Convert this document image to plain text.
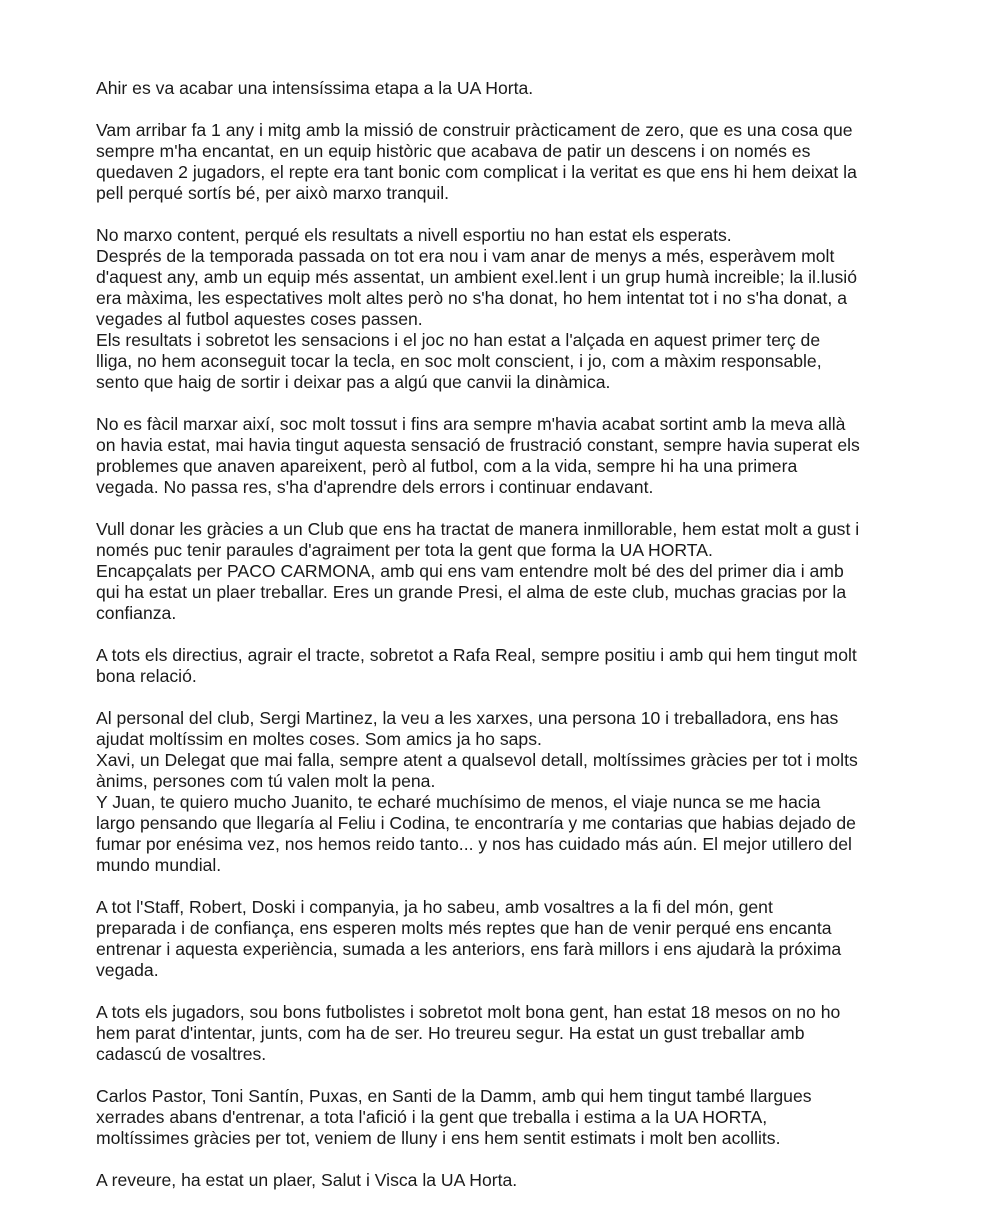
Ahir es va acabar una intensíssima etapa a la UA Horta.

Vam arribar fa 1 any i mitg amb la missió de construir pràcticament de zero, que es una cosa que
sempre m'ha encantat, en un equip històric que acabava de patir un descens i on només es
quedaven 2 jugadors, el repte era tant bonic com complicat i la veritat es que ens hi hem deixat la
pell perqué sortís bé, per això marxo tranquil.

No marxo content, perqué els resultats a nivell esportiu no han estat els esperats.
Després de la temporada passada on tot era nou i vam anar de menys a més, esperàvem molt
d'aquest any, amb un equip més assentat, un ambient exel.lent i un grup humà increible; la il.lusió
era màxima, les espectatives molt altes però no s'ha donat, ho hem intentat tot i no s'ha donat, a
vegades al futbol aquestes coses passen.
Els resultats i sobretot les sensacions i el joc no han estat a l'alçada en aquest primer terç de
lliga, no hem aconseguit tocar la tecla, en soc molt conscient, i jo, com a màxim responsable,
sento que haig de sortir i deixar pas a algú que canvii la dinàmica.

No es fàcil marxar així, soc molt tossut i fins ara sempre m'havia acabat sortint amb la meva allà
on havia estat, mai havia tingut aquesta sensació de frustració constant, sempre havia superat els
problemes que anaven apareixent, però al futbol, com a la vida, sempre hi ha una primera
vegada. No passa res, s'ha d'aprendre dels errors i continuar endavant.

Vull donar les gràcies a un Club que ens ha tractat de manera inmillorable, hem estat molt a gust i
només puc tenir paraules d'agraiment per tota la gent que forma la UA HORTA.
Encapçalats per PACO CARMONA, amb qui ens vam entendre molt bé des del primer dia i amb
qui ha estat un plaer treballar. Eres un grande Presi, el alma de este club, muchas gracias por la
confianza.

A tots els directius, agrair el tracte, sobretot a Rafa Real, sempre positiu i amb qui hem tingut molt
bona relació.

Al personal del club, Sergi Martinez, la veu a les xarxes, una persona 10 i treballadora, ens has
ajudat moltíssim en moltes coses. Som amics ja ho saps.
Xavi, un Delegat que mai falla, sempre atent a qualsevol detall, moltíssimes gràcies per tot i molts
ànims, persones com tú valen molt la pena.
Y Juan, te quiero mucho Juanito, te echaré muchísimo de menos, el viaje nunca se me hacia
largo pensando que llegaría al Feliu i Codina, te encontraría y me contarias que habias dejado de
fumar por enésima vez, nos hemos reido tanto... y nos has cuidado más aún. El mejor utillero del
mundo mundial.

A tot l'Staff, Robert, Doski i companyia, ja ho sabeu, amb vosaltres a la fi del món, gent
preparada i de confiança, ens esperen molts més reptes que han de venir perqué ens encanta
entrenar i aquesta experiència, sumada a les anteriors, ens farà millors i ens ajudarà la próxima
vegada.

A tots els jugadors, sou bons futbolistes i sobretot molt bona gent, han estat 18 mesos on no ho
hem parat d'intentar, junts, com ha de ser. Ho treureu segur. Ha estat un gust treballar amb
cadascú de vosaltres.

Carlos Pastor, Toni Santín, Puxas, en Santi de la Damm, amb qui hem tingut també llargues
xerrades abans d'entrenar, a tota l'afició i la gent que treballa i estima a la UA HORTA,
moltíssimes gràcies per tot, veniem de lluny i ens hem sentit estimats i molt ben acollits.

A reveure, ha estat un plaer, Salut i Visca la UA Horta.
